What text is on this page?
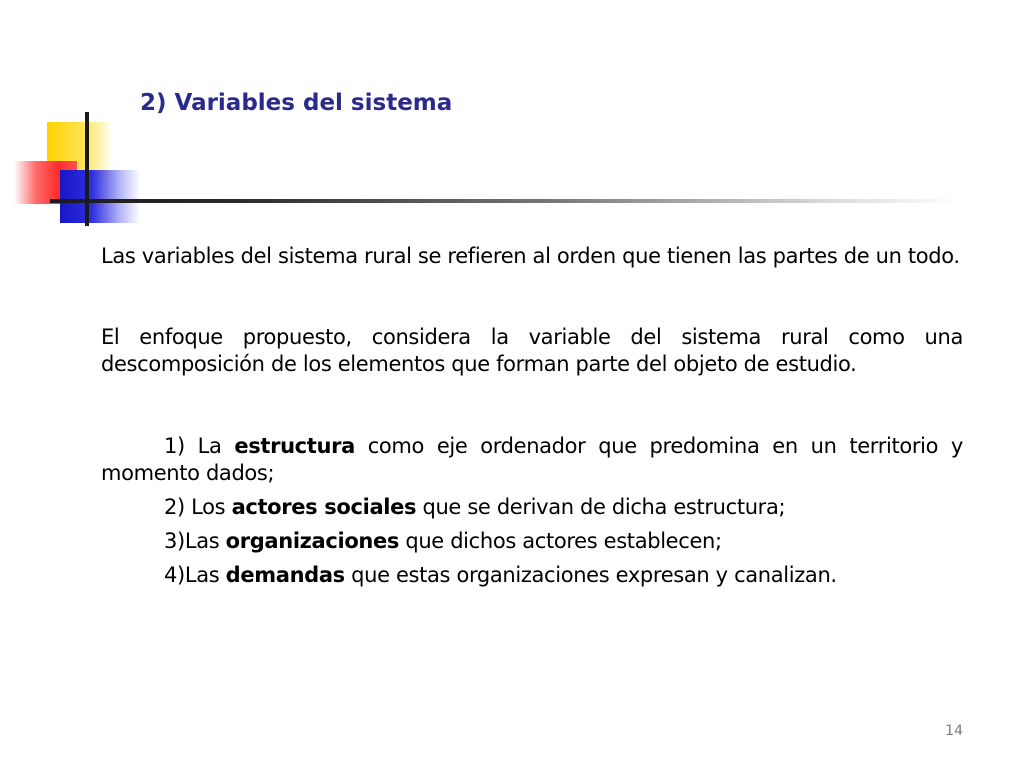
2) Variables del sistema

Las variables del sistema rural se refieren al orden que tienen las partes de un todo.

El enfoque propuesto, considera la variable del sistema rural como una descomposición de los elementos que forman parte del objeto de estudio.

1) La estructura como eje ordenador que predomina en un territorio y momento dados;

2) Los actores sociales que se derivan de dicha estructura;

3)Las organizaciones que dichos actores establecen;

4)Las demandas que estas organizaciones expresan y canalizan.

14
